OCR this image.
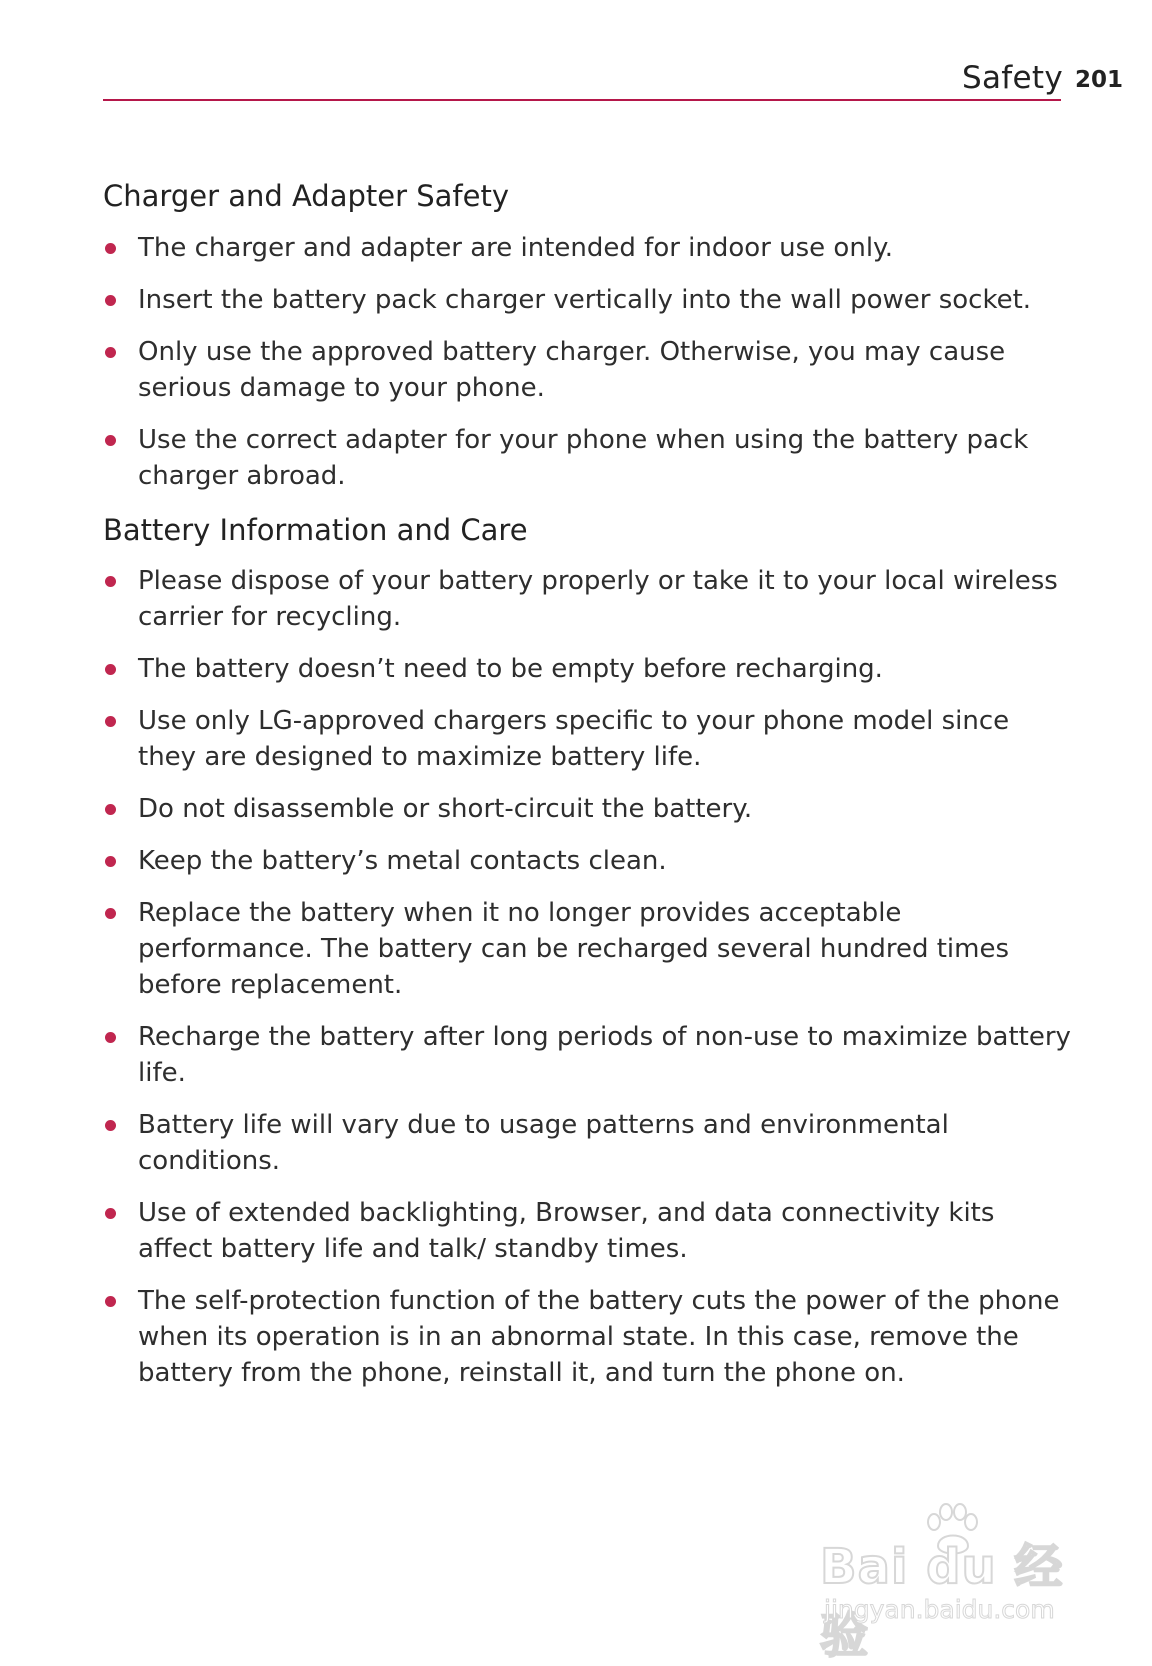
Safety 201
Charger and Adapter Safety
The charger and adapter are intended for indoor use only.
Insert the battery pack charger vertically into the wall power socket.
Only use the approved battery charger. Otherwise, you may cause serious damage to your phone.
Use the correct adapter for your phone when using the battery pack charger abroad.
Battery Information and Care
Please dispose of your battery properly or take it to your local wireless carrier for recycling.
The battery doesn’t need to be empty before recharging.
Use only LG-approved chargers specific to your phone model since they are designed to maximize battery life.
Do not disassemble or short-circuit the battery.
Keep the battery’s metal contacts clean.
Replace the battery when it no longer provides acceptable performance. The battery can be recharged several hundred times before replacement.
Recharge the battery after long periods of non-use to maximize battery life.
Battery life will vary due to usage patterns and environmental conditions.
Use of extended backlighting, Browser, and data connectivity kits affect battery life and talk/ standby times.
The self-protection function of the battery cuts the power of the phone when its operation is in an abnormal state. In this case, remove the battery from the phone, reinstall it, and turn the phone on.
Bai du 经验
jingyan.baidu.com
